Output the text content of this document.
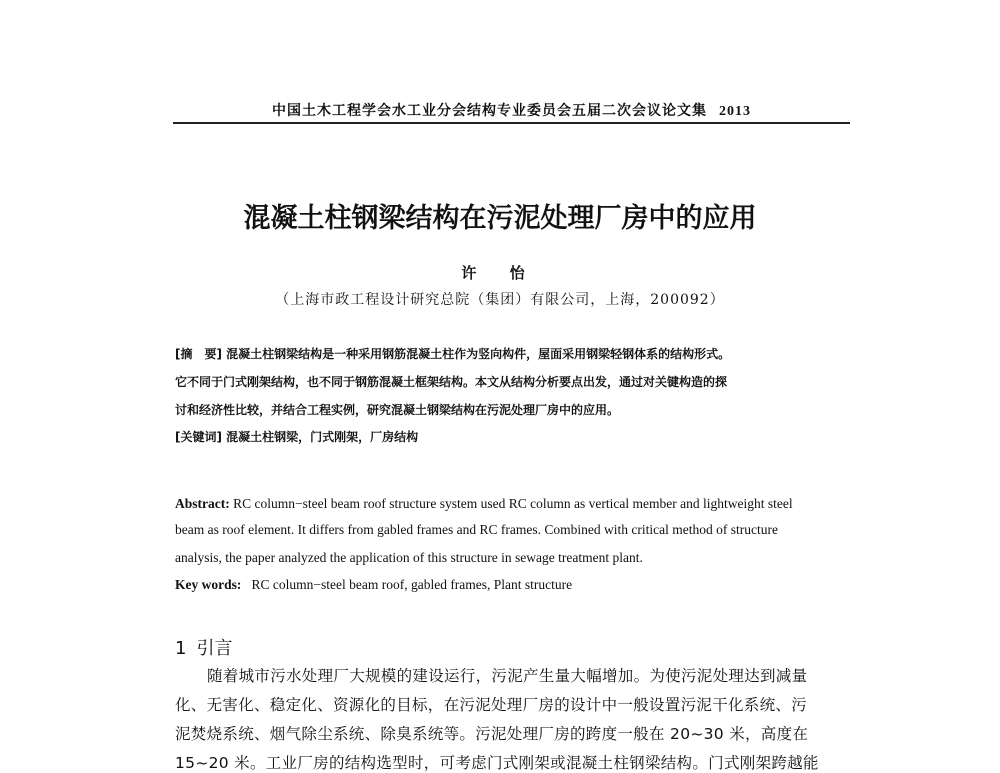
中国土木工程学会水工业分会结构专业委员会五届二次会议论文集 2013
混凝土柱钢梁结构在污泥处理厂房中的应用
许 怡
（上海市政工程设计研究总院（集团）有限公司，上海，200092）
[摘　要] 混凝土柱钢梁结构是一种采用钢筋混凝土柱作为竖向构件，屋面采用钢梁轻钢体系的结构形式。
它不同于门式刚架结构，也不同于钢筋混凝土框架结构。本文从结构分析要点出发，通过对关键构造的探
讨和经济性比较，并结合工程实例，研究混凝土钢梁结构在污泥处理厂房中的应用。
[关键词] 混凝土柱钢梁，门式刚架，厂房结构
Abstract: RC column−steel beam roof structure system used RC column as vertical member and lightweight steel
beam as roof element. It differs from gabled frames and RC frames. Combined with critical method of structure
analysis, the paper analyzed the application of this structure in sewage treatment plant.
Key words: RC column−steel beam roof, gabled frames, Plant structure
1 引言
随着城市污水处理厂大规模的建设运行，污泥产生量大幅增加。为使污泥处理达到减量
化、无害化、稳定化、资源化的目标，在污泥处理厂房的设计中一般设置污泥干化系统、污
泥焚烧系统、烟气除尘系统、除臭系统等。污泥处理厂房的跨度一般在 20~30 米，高度在
15~20 米。工业厂房的结构选型时，可考虑门式刚架或混凝土柱钢梁结构。门式刚架跨越能
